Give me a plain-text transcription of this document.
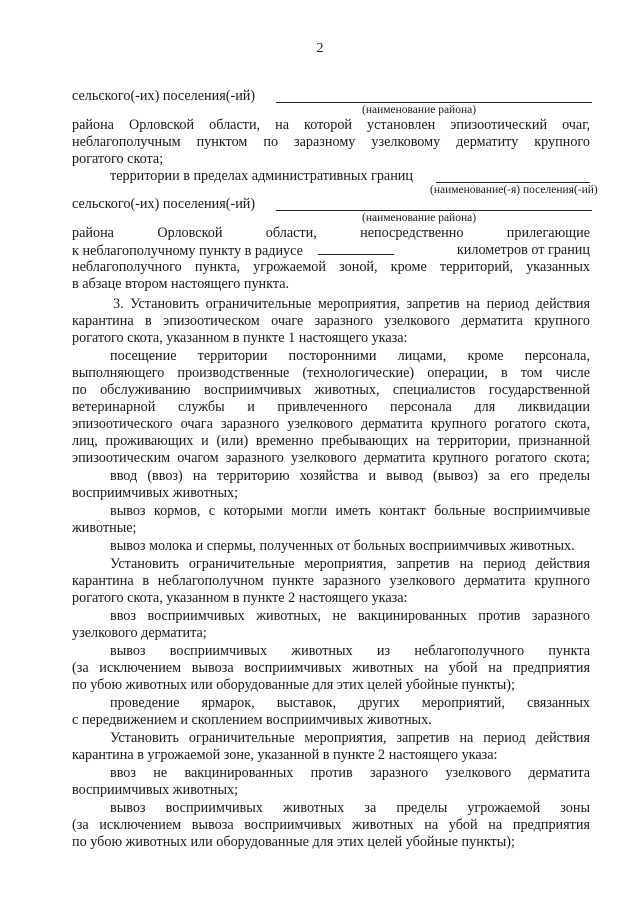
2
сельского(-их) поселения(-ий)
(наименование района)
района Орловской области, на которой установлен эпизоотический очаг,
неблагополучным пунктом по заразному узелковому дерматиту крупного
рогатого скота;
территории в пределах административных границ
(наименование(-я) поселения(-ий)
сельского(-их) поселения(-ий)
(наименование района)
района Орловской области, непосредственно прилегающие
к неблагополучному пункту в радиусе	километров от границ
неблагополучного пункта, угрожаемой зоной, кроме территорий, указанных
в абзаце втором настоящего пункта.
3. Установить ограничительные мероприятия, запретив на период действия
карантина в эпизоотическом очаге заразного узелкового дерматита крупного
рогатого скота, указанном в пункте 1 настоящего указа:
посещение территории посторонними лицами, кроме персонала,
выполняющего производственные (технологические) операции, в том числе
по обслуживанию восприимчивых животных, специалистов государственной
ветеринарной службы и привлеченного персонала для ликвидации
эпизоотического очага заразного узелкового дерматита крупного рогатого скота,
лиц, проживающих и (или) временно пребывающих на территории, признанной
эпизоотическим очагом заразного узелкового дерматита крупного рогатого скота;
ввод (ввоз) на территорию хозяйства и вывод (вывоз) за его пределы
восприимчивых животных;
вывоз кормов, с которыми могли иметь контакт больные восприимчивые
животные;
вывоз молока и спермы, полученных от больных восприимчивых животных.
Установить ограничительные мероприятия, запретив на период действия
карантина в неблагополучном пункте заразного узелкового дерматита крупного
рогатого скота, указанном в пункте 2 настоящего указа:
ввоз восприимчивых животных, не вакцинированных против заразного
узелкового дерматита;
вывоз восприимчивых животных из неблагополучного пункта
(за исключением вывоза восприимчивых животных на убой на предприятия
по убою животных или оборудованные для этих целей убойные пункты);
проведение ярмарок, выставок, других мероприятий, связанных
с передвижением и скоплением восприимчивых животных.
Установить ограничительные мероприятия, запретив на период действия
карантина в угрожаемой зоне, указанной в пункте 2 настоящего указа:
ввоз не вакцинированных против заразного узелкового дерматита
восприимчивых животных;
вывоз восприимчивых животных за пределы угрожаемой зоны
(за исключением вывоза восприимчивых животных на убой на предприятия
по убою животных или оборудованные для этих целей убойные пункты);
